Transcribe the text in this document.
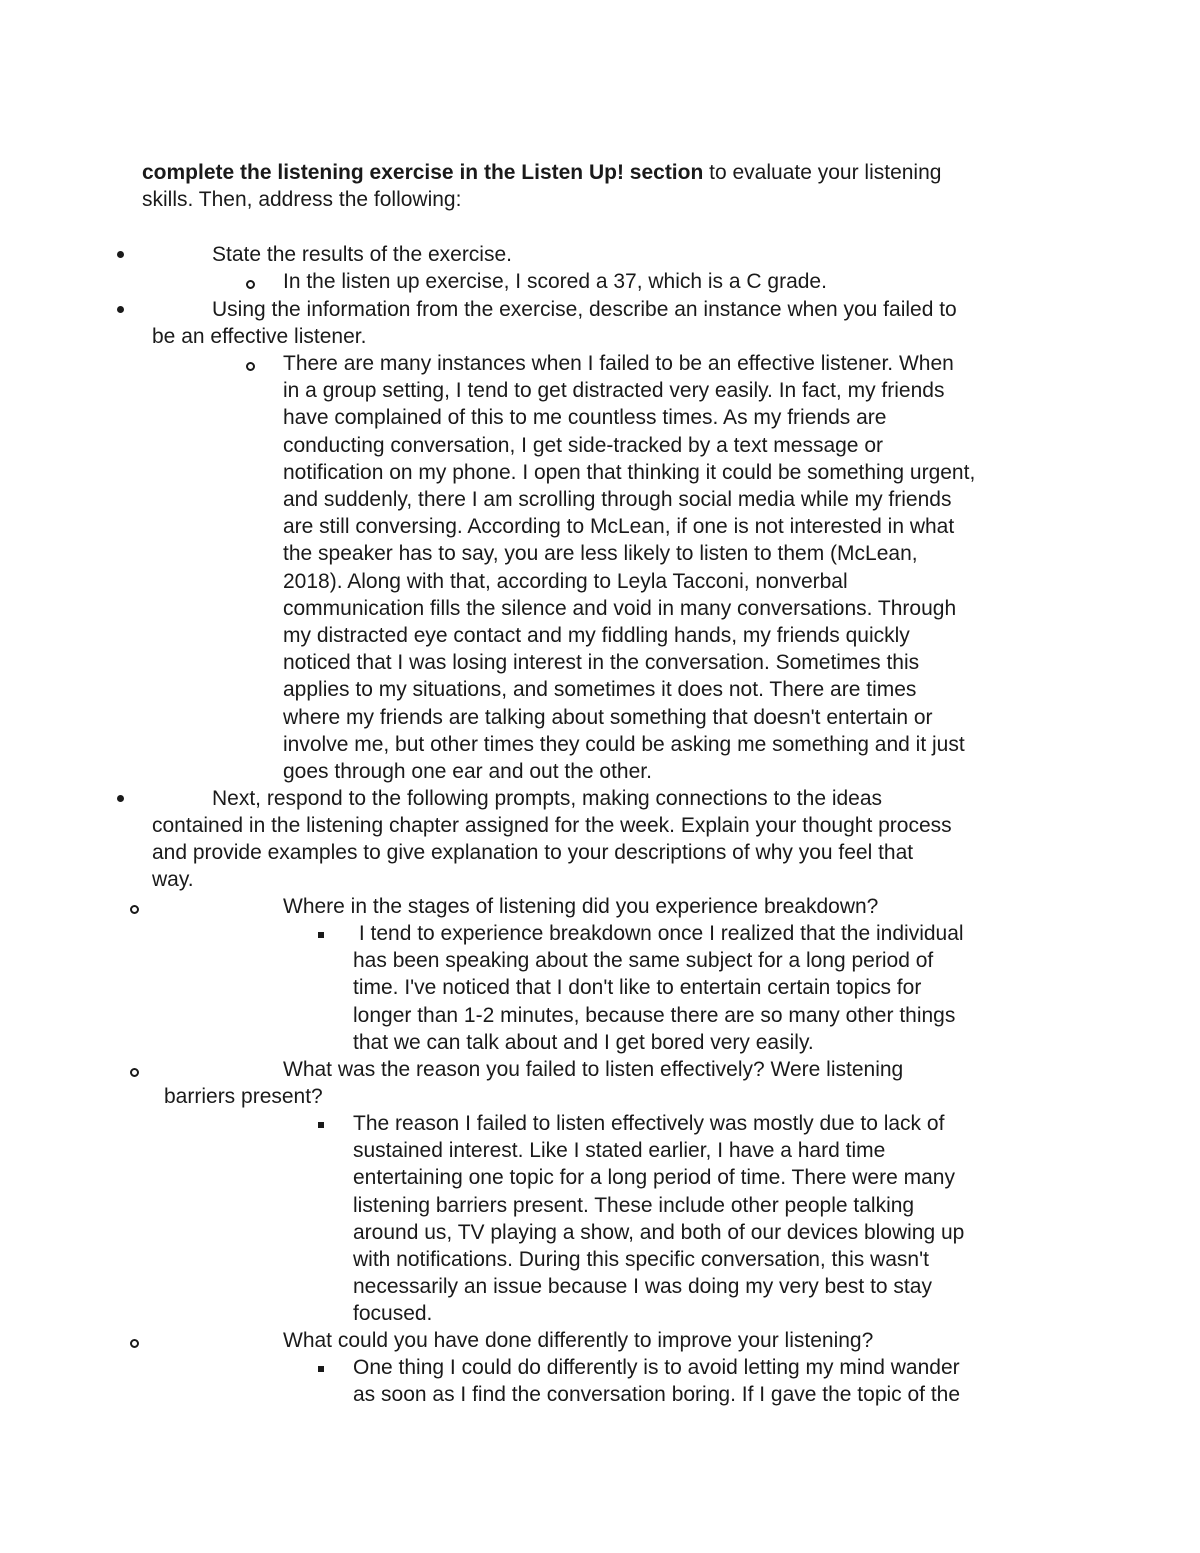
complete the listening exercise in the Listen Up! section to evaluate your listening
skills. Then, address the following:
State the results of the exercise.
In the listen up exercise, I scored a 37, which is a C grade.
Using the information from the exercise, describe an instance when you failed to
be an effective listener.
There are many instances when I failed to be an effective listener. When
in a group setting, I tend to get distracted very easily. In fact, my friends
have complained of this to me countless times. As my friends are
conducting conversation, I get side-tracked by a text message or
notification on my phone. I open that thinking it could be something urgent,
and suddenly, there I am scrolling through social media while my friends
are still conversing. According to McLean, if one is not interested in what
the speaker has to say, you are less likely to listen to them (McLean,
2018). Along with that, according to Leyla Tacconi, nonverbal
communication fills the silence and void in many conversations. Through
my distracted eye contact and my fiddling hands, my friends quickly
noticed that I was losing interest in the conversation. Sometimes this
applies to my situations, and sometimes it does not. There are times
where my friends are talking about something that doesn't entertain or
involve me, but other times they could be asking me something and it just
goes through one ear and out the other.
Next, respond to the following prompts, making connections to the ideas
contained in the listening chapter assigned for the week. Explain your thought process
and provide examples to give explanation to your descriptions of why you feel that
way.
Where in the stages of listening did you experience breakdown?
I tend to experience breakdown once I realized that the individual
has been speaking about the same subject for a long period of
time. I've noticed that I don't like to entertain certain topics for
longer than 1-2 minutes, because there are so many other things
that we can talk about and I get bored very easily.
What was the reason you failed to listen effectively? Were listening
barriers present?
The reason I failed to listen effectively was mostly due to lack of
sustained interest. Like I stated earlier, I have a hard time
entertaining one topic for a long period of time. There were many
listening barriers present. These include other people talking
around us, TV playing a show, and both of our devices blowing up
with notifications. During this specific conversation, this wasn't
necessarily an issue because I was doing my very best to stay
focused.
What could you have done differently to improve your listening?
One thing I could do differently is to avoid letting my mind wander
as soon as I find the conversation boring. If I gave the topic of the
